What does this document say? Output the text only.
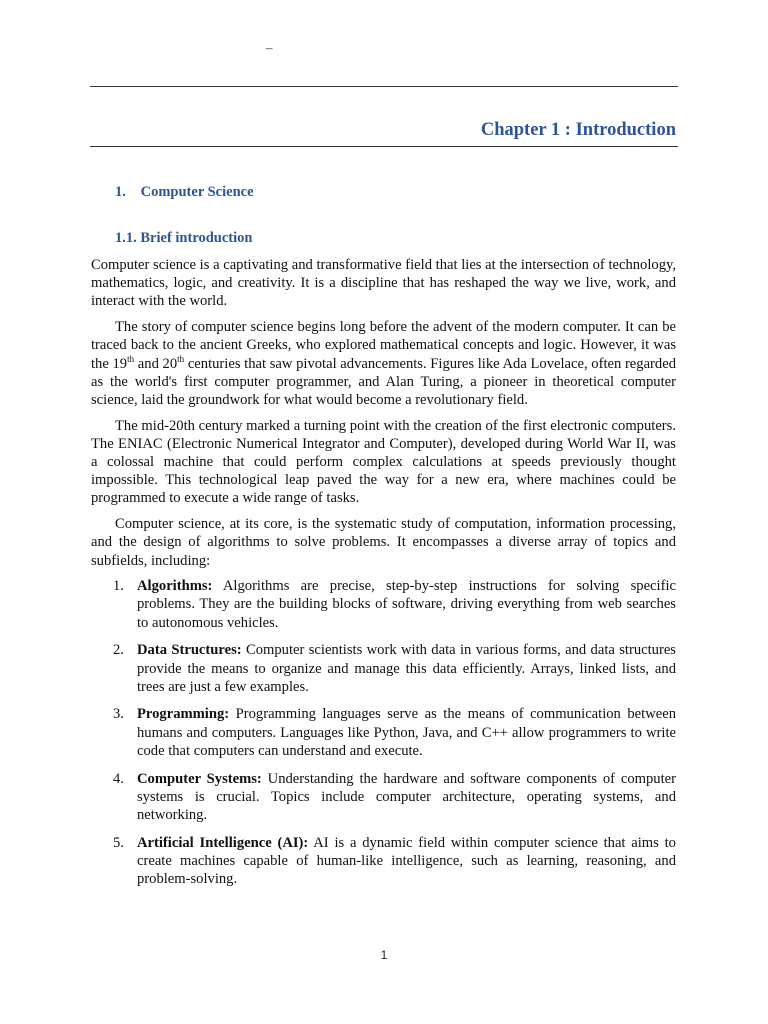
–
Chapter 1 : Introduction
1. Computer Science
1.1. Brief introduction

Computer science is a captivating and transformative field that lies at the intersection of technology, mathematics, logic, and creativity. It is a discipline that has reshaped the way we live, work, and interact with the world.

The story of computer science begins long before the advent of the modern computer. It can be traced back to the ancient Greeks, who explored mathematical concepts and logic. However, it was the 19th and 20th centuries that saw pivotal advancements. Figures like Ada Lovelace, often regarded as the world's first computer programmer, and Alan Turing, a pioneer in theoretical computer science, laid the groundwork for what would become a revolutionary field.

The mid-20th century marked a turning point with the creation of the first electronic computers. The ENIAC (Electronic Numerical Integrator and Computer), developed during World War II, was a colossal machine that could perform complex calculations at speeds previously thought impossible. This technological leap paved the way for a new era, where machines could be programmed to execute a wide range of tasks.

Computer science, at its core, is the systematic study of computation, information processing, and the design of algorithms to solve problems. It encompasses a diverse array of topics and subfields, including:

1. Algorithms: Algorithms are precise, step-by-step instructions for solving specific problems. They are the building blocks of software, driving everything from web searches to autonomous vehicles.
2. Data Structures: Computer scientists work with data in various forms, and data structures provide the means to organize and manage this data efficiently. Arrays, linked lists, and trees are just a few examples.
3. Programming: Programming languages serve as the means of communication between humans and computers. Languages like Python, Java, and C++ allow programmers to write code that computers can understand and execute.
4. Computer Systems: Understanding the hardware and software components of computer systems is crucial. Topics include computer architecture, operating systems, and networking.
5. Artificial Intelligence (AI): AI is a dynamic field within computer science that aims to create machines capable of human-like intelligence, such as learning, reasoning, and problem-solving.
1
